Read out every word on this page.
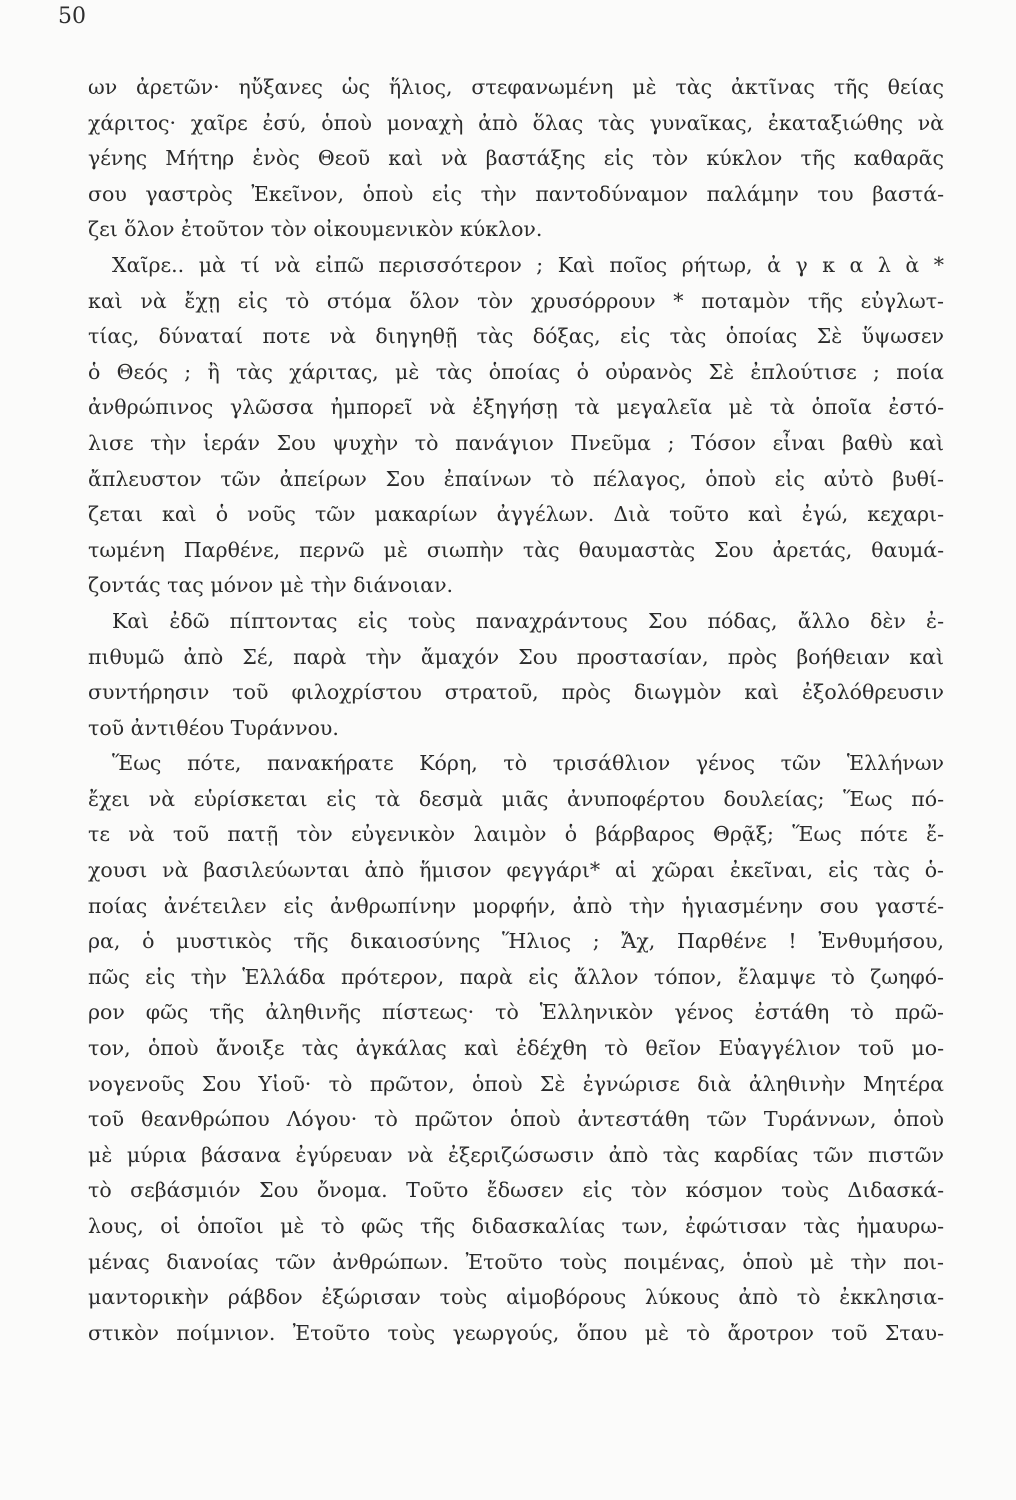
50
ων ἀρετῶν· ηὔξανες ὡς ἥλιος, στεφανωμένη μὲ τὰς ἀκτῖνας τῆς θείας
χάριτος· χαῖρε ἐσύ, ὁποὺ μοναχὴ ἀπὸ ὅλας τὰς γυναῖκας, ἐκαταξιώθης νὰ
γένης Μήτηρ ἑνὸς Θεοῦ καὶ νὰ βαστάξης εἰς τὸν κύκλον τῆς καθαρᾶς
σου γαστρὸς Ἐκεῖνον, ὁποὺ εἰς τὴν παντοδύναμον παλάμην του βαστά-
ζει ὅλον ἐτοῦτον τὸν οἰκουμενικὸν κύκλον.
Χαῖρε.. μὰ τί νὰ εἰπῶ περισσότερον ; Καὶ ποῖος ρήτωρ, ἀ γ κ α λ ὰ *
καὶ νὰ ἔχῃ εἰς τὸ στόμα ὅλον τὸν χρυσόρρουν * ποταμὸν τῆς εὐγλωτ-
τίας, δύναταί ποτε νὰ διηγηθῇ τὰς δόξας, εἰς τὰς ὁποίας Σὲ ὕψωσεν
ὁ Θεός ; ἢ τὰς χάριτας, μὲ τὰς ὁποίας ὁ οὐρανὸς Σὲ ἐπλούτισε ; ποία
ἀνθρώπινος γλῶσσα ἠμπορεῖ νὰ ἐξηγήσῃ τὰ μεγαλεῖα μὲ τὰ ὁποῖα ἐστό-
λισε τὴν ἱεράν Σου ψυχὴν τὸ πανάγιον Πνεῦμα ; Τόσον εἶναι βαθὺ καὶ
ἄπλευστον τῶν ἀπείρων Σου ἐπαίνων τὸ πέλαγος, ὁποὺ εἰς αὐτὸ βυθί-
ζεται καὶ ὁ νοῦς τῶν μακαρίων ἀγγέλων. Διὰ τοῦτο καὶ ἐγώ, κεχαρι-
τωμένη Παρθένε, περνῶ μὲ σιωπὴν τὰς θαυμαστὰς Σου ἀρετάς, θαυμά-
ζοντάς τας μόνον μὲ τὴν διάνοιαν.
Καὶ ἐδῶ πίπτοντας εἰς τοὺς παναχράντους Σου πόδας, ἄλλο δὲν ἐ-
πιθυμῶ ἀπὸ Σέ, παρὰ τὴν ἄμαχόν Σου προστασίαν, πρὸς βοήθειαν καὶ
συντήρησιν τοῦ φιλοχρίστου στρατοῦ, πρὸς διωγμὸν καὶ ἐξολόθρευσιν
τοῦ ἀντιθέου Τυράννου.
Ἕως πότε, πανακήρατε Κόρη, τὸ τρισάθλιον γένος τῶν Ἑλλήνων
ἔχει νὰ εὑρίσκεται εἰς τὰ δεσμὰ μιᾶς ἀνυποφέρτου δουλείας; Ἕως πό-
τε νὰ τοῦ πατῇ τὸν εὐγενικὸν λαιμὸν ὁ βάρβαρος Θρᾷξ; Ἕως πότε ἔ-
χουσι νὰ βασιλεύωνται ἀπὸ ἥμισον φεγγάρι* αἱ χῶραι ἐκεῖναι, εἰς τὰς ὁ-
ποίας ἀνέτειλεν εἰς ἀνθρωπίνην μορφήν, ἀπὸ τὴν ἡγιασμένην σου γαστέ-
ρα, ὁ μυστικὸς τῆς δικαιοσύνης Ἥλιος ; Ἄχ, Παρθένε ! Ἐνθυμήσου,
πῶς εἰς τὴν Ἑλλάδα πρότερον, παρὰ εἰς ἄλλον τόπον, ἔλαμψε τὸ ζωηφό-
ρον φῶς τῆς ἀληθινῆς πίστεως· τὸ Ἑλληνικὸν γένος ἐστάθη τὸ πρῶ-
τον, ὁποὺ ἄνοιξε τὰς ἀγκάλας καὶ ἐδέχθη τὸ θεῖον Εὐαγγέλιον τοῦ μο-
νογενοῦς Σου Υἱοῦ· τὸ πρῶτον, ὁποὺ Σὲ ἐγνώρισε διὰ ἀληθινὴν Μητέρα
τοῦ θεανθρώπου Λόγου· τὸ πρῶτον ὁποὺ ἀντεστάθη τῶν Τυράννων, ὁποὺ
μὲ μύρια βάσανα ἐγύρευαν νὰ ἐξεριζώσωσιν ἀπὸ τὰς καρδίας τῶν πιστῶν
τὸ σεβάσμιόν Σου ὄνομα. Τοῦτο ἔδωσεν εἰς τὸν κόσμον τοὺς Διδασκά-
λους, οἱ ὁποῖοι μὲ τὸ φῶς τῆς διδασκαλίας των, ἐφώτισαν τὰς ἠμαυρω-
μένας διανοίας τῶν ἀνθρώπων. Ἐτοῦτο τοὺς ποιμένας, ὁποὺ μὲ τὴν ποι-
μαντορικὴν ράβδον ἐξώρισαν τοὺς αἱμοβόρους λύκους ἀπὸ τὸ ἐκκλησια-
στικὸν ποίμνιον. Ἐτοῦτο τοὺς γεωργούς, ὅπου μὲ τὸ ἄροτρον τοῦ Σταυ-
